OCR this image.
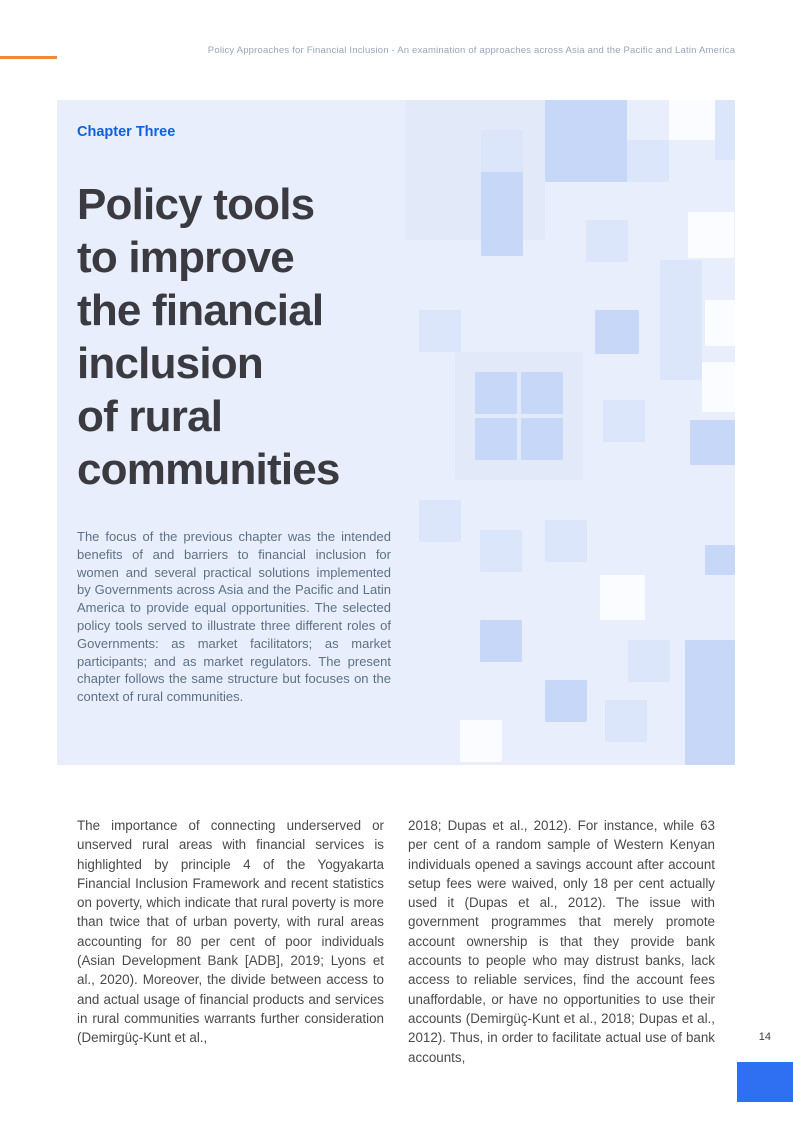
Policy Approaches for Financial Inclusion - An examination of approaches across Asia and the Pacific and Latin America
Chapter Three
Policy tools
to improve
the financial
inclusion
of rural
communities

The focus of the previous chapter was the intended benefits of and barriers to financial inclusion for women and several practical solutions implemented by Governments across Asia and the Pacific and Latin America to provide equal opportunities. The selected policy tools served to illustrate three different roles of Governments: as market facilitators; as market participants; and as market regulators. The present chapter follows the same structure but focuses on the context of rural communities.

The importance of connecting underserved or unserved rural areas with financial services is highlighted by principle 4 of the Yogyakarta Financial Inclusion Framework and recent statistics on poverty, which indicate that rural poverty is more than twice that of urban poverty, with rural areas accounting for 80 per cent of poor individuals (Asian Development Bank [ADB], 2019; Lyons et al., 2020). Moreover, the divide between access to and actual usage of financial products and services in rural communities warrants further consideration (Demirgüç-Kunt et al.,

2018; Dupas et al., 2012). For instance, while 63 per cent of a random sample of Western Kenyan individuals opened a savings account after account setup fees were waived, only 18 per cent actually used it (Dupas et al., 2012). The issue with government programmes that merely promote account ownership is that they provide bank accounts to people who may distrust banks, lack access to reliable services, find the account fees unaffordable, or have no opportunities to use their accounts (Demirgüç-Kunt et al., 2018; Dupas et al., 2012). Thus, in order to facilitate actual use of bank accounts,

14
